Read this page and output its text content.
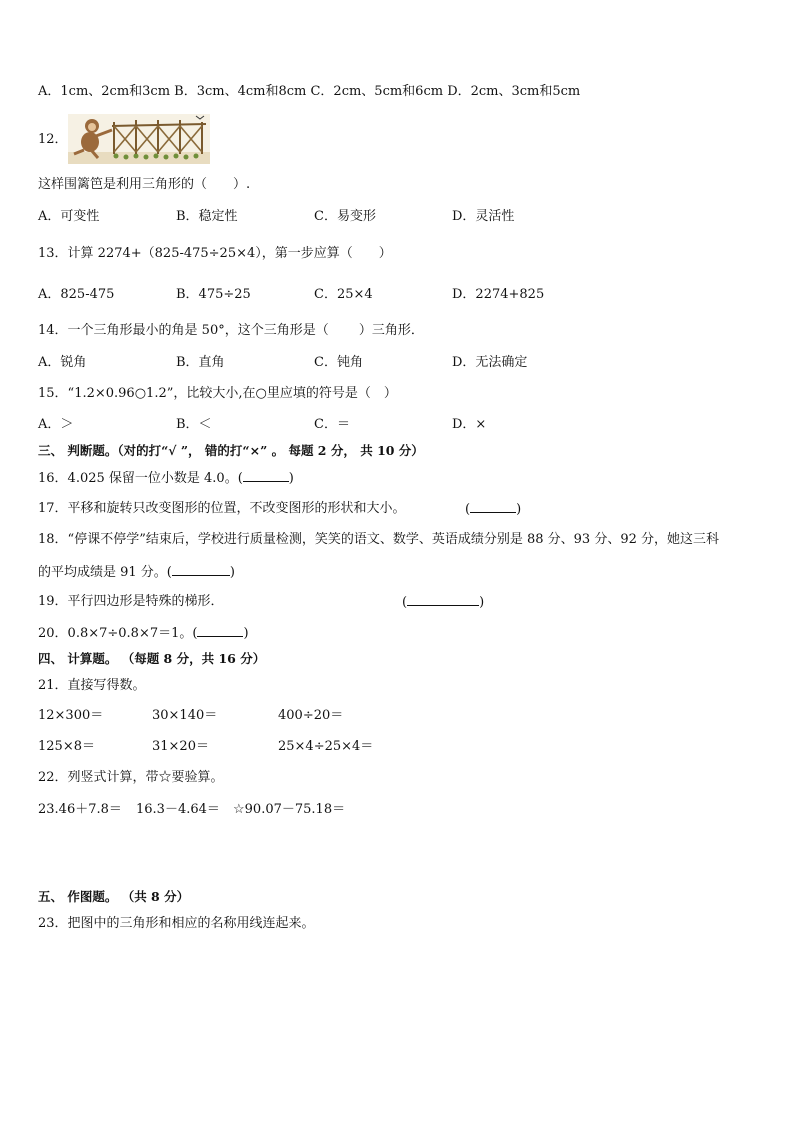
A．1cm、2cm和3cm B．3cm、4cm和8cm C．2cm、5cm和6cm D．2cm、3cm和5cm
12．
这样围篱笆是利用三角形的（　　）.
A．可变性	B．稳定性	C．易变形	D．灵活性
13．计算 2274+（825-475÷25×4），第一步应算（　　）
A．825-475	B．475÷25	C．25×4	D．2274+825
14．一个三角形最小的角是 50°，这个三角形是（　　 ）三角形．
A．锐角	B．直角	C．钝角	D．无法确定
15．“1.2×0.96○1.2”，比较大小,在○里应填的符号是（　）
A．＞	B．＜	C．＝	D．×
三、 判断题。（对的打“√ ”， 错的打“×” 。 每题 2 分， 共 10 分）
16．4.025 保留一位小数是 4.0。(	)
17．平移和旋转只改变图形的位置，不改变图形的形状和大小。	(	)
18．“停课不停学”结束后，学校进行质量检测，笑笑的语文、数学、英语成绩分别是 88 分、93 分、92 分，她这三科
的平均成绩是 91 分。(	)
19．平行四边形是特殊的梯形．	(	)
20．0.8×7÷0.8×7＝1。(	)
四、 计算题。 （每题 8 分，共 16 分）
21．直接写得数。
12×300＝	30×140＝	400÷20＝
125×8＝	31×20＝	25×4÷25×4＝
22．列竖式计算，带☆要验算。
23.46＋7.8＝ 16.3－4.64＝ ☆90.07－75.18＝
五、 作图题。 （共 8 分）
23．把图中的三角形和相应的名称用线连起来。
